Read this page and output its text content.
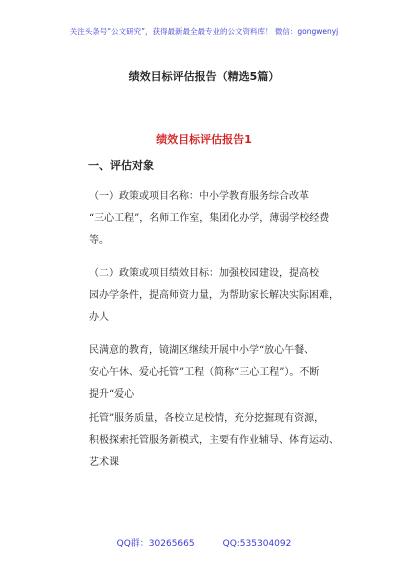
关注头条号“公文研究”，获得最新最全最专业的公文资料库！ 微信：gongwenyj
绩效目标评估报告（精选5篇）
绩效目标评估报告1
一、评估对象
（一）政策或项目名称：中小学教育服务综合改革
“三心工程”，名师工作室，集团化办学，薄弱学校经费
等。
（二）政策或项目绩效目标：加强校园建设，提高校
园办学条件，提高师资力量，为帮助家长解决实际困难，
办人
民满意的教育，镜湖区继续开展中小学“放心午餐、
安心午休、爱心托管”工程（简称“三心工程”）。不断
提升“爱心
托管”服务质量，各校立足校情，充分挖掘现有资源，
积极探索托管服务新模式，主要有作业辅导、体育运动、
艺术课
QQ群：30265665	QQ:535304092
